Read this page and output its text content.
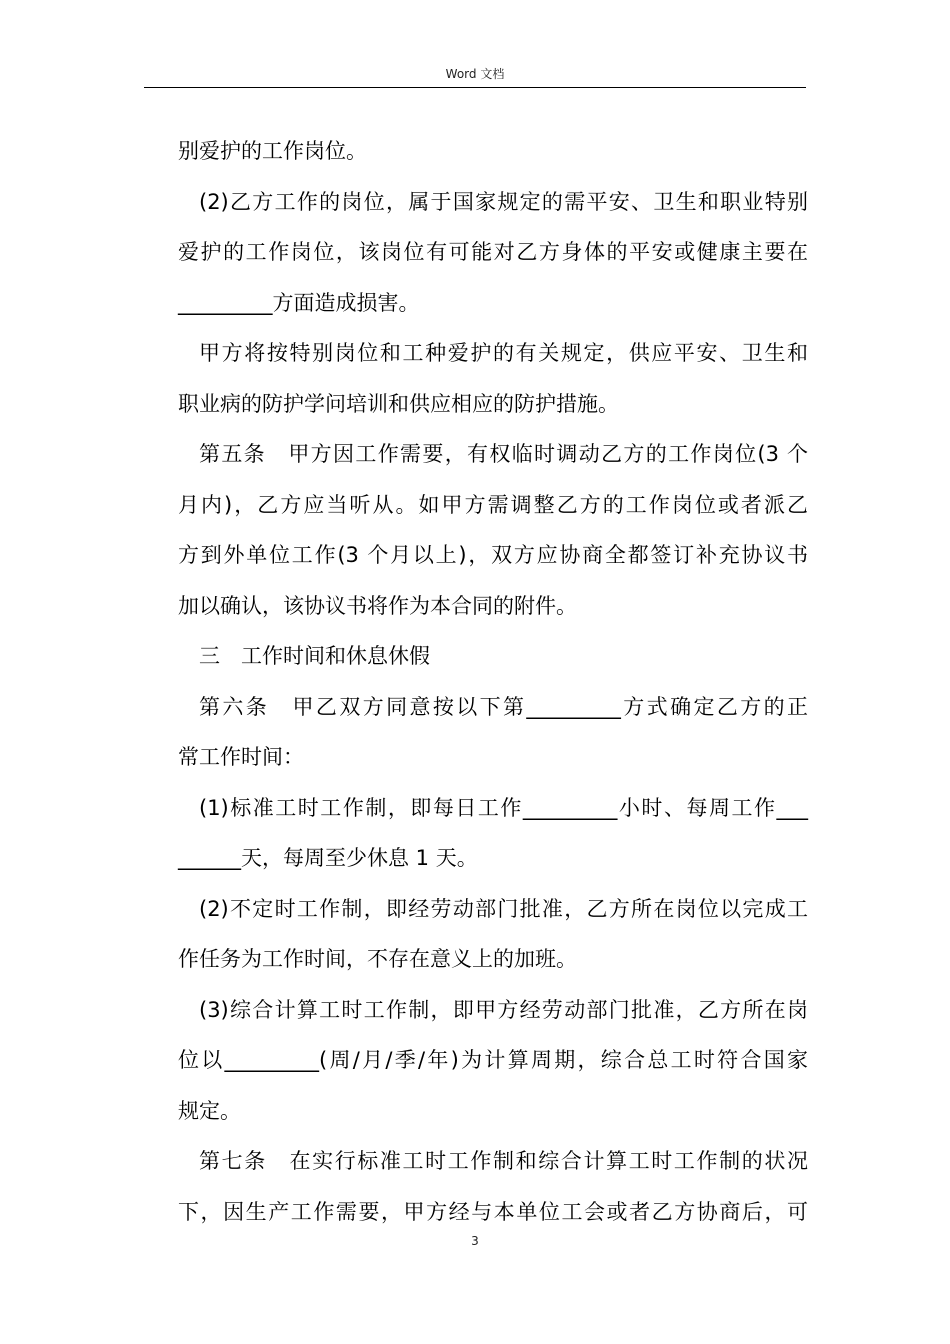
Word 文档

别爱护的工作岗位。

(2)乙方工作的岗位，属于国家规定的需平安、卫生和职业特别

爱护的工作岗位，该岗位有可能对乙方身体的平安或健康主要在

_________方面造成损害。

甲方将按特别岗位和工种爱护的有关规定，供应平安、卫生和

职业病的防护学问培训和供应相应的防护措施。

第五条　甲方因工作需要，有权临时调动乙方的工作岗位(3 个

月内)，乙方应当听从。如甲方需调整乙方的工作岗位或者派乙

方到外单位工作(3 个月以上)，双方应协商全都签订补充协议书

加以确认，该协议书将作为本合同的附件。

三　工作时间和休息休假

第六条　甲乙双方同意按以下第_________方式确定乙方的正

常工作时间：

(1)标准工时工作制，即每日工作_________小时、每周工作___

______天，每周至少休息 1 天。

(2)不定时工作制，即经劳动部门批准，乙方所在岗位以完成工

作任务为工作时间，不存在意义上的加班。

(3)综合计算工时工作制，即甲方经劳动部门批准，乙方所在岗

位以_________(周/月/季/年)为计算周期，综合总工时符合国家

规定。

第七条　在实行标准工时工作制和综合计算工时工作制的状况

下，因生产工作需要，甲方经与本单位工会或者乙方协商后，可

3
